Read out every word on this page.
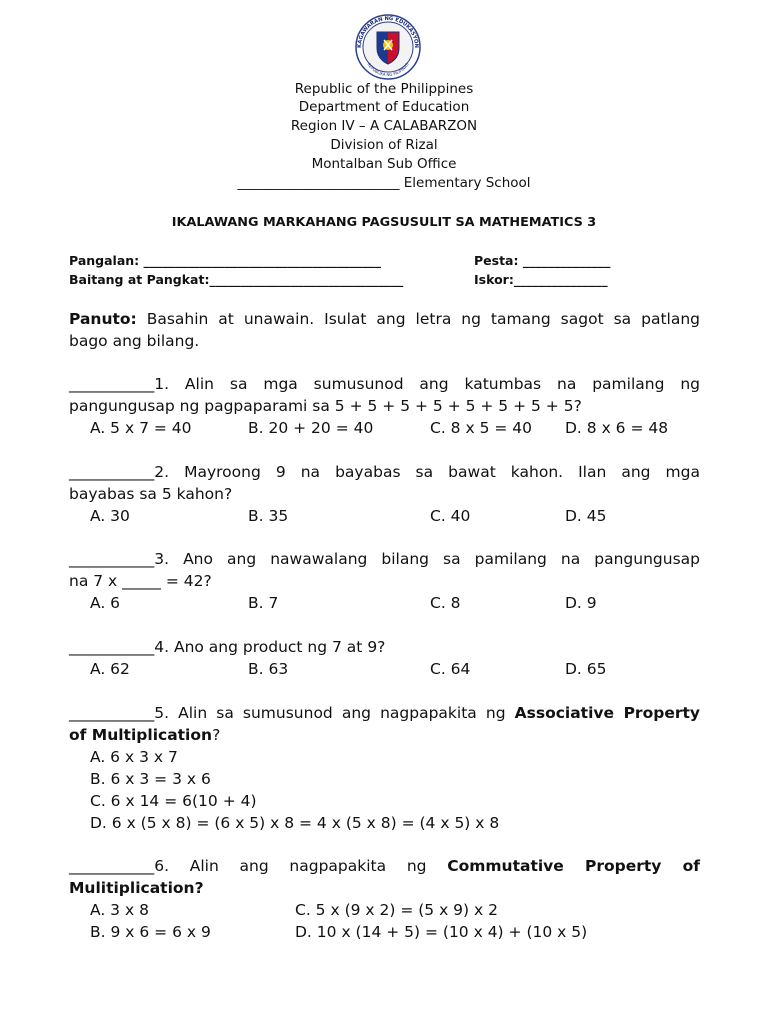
KAGAWARAN NG EDUKASYON
REPUBLIKA NG PILIPINAS
Republic of the Philippines
Department of Education
Region IV – A CALABARZON
Division of Rizal
Montalban Sub Office
________________________ Elementary School
IKALAWANG MARKAHANG PAGSUSULIT SA MATHEMATICS 3
Pangalan: ______________________________________	Pesta: ______________
Baitang at Pangkat:_______________________________	Iskor:_______________
Panuto: Basahin at unawain. Isulat ang letra ng tamang sagot sa patlang
bago ang bilang.
___________1. Alin sa mga sumusunod ang katumbas na pamilang ng
pangungusap ng pagpaparami sa 5 + 5 + 5 + 5 + 5 + 5 + 5 + 5?
A. 5 x 7 = 40	B. 20 + 20 = 40	C. 8 x 5 = 40 D. 8 x 6 = 48
___________2. Mayroong 9 na bayabas sa bawat kahon. Ilan ang mga
bayabas sa 5 kahon?
A. 30	B. 35	C. 40	D. 45
___________3. Ano ang nawawalang bilang sa pamilang na pangungusap
na 7 x _____ = 42?
A. 6	B. 7	C. 8	D. 9
___________4. Ano ang product ng 7 at 9?
A. 62	B. 63	C. 64	D. 65
___________5. Alin sa sumusunod ang nagpapakita ng Associative Property
of Multiplication?
A. 6 x 3 x 7
B. 6 x 3 = 3 x 6
C. 6 x 14 = 6(10 + 4)
D. 6 x (5 x 8) = (6 x 5) x 8 = 4 x (5 x 8) = (4 x 5) x 8
___________6. Alin ang nagpapakita ng Commutative Property of
Mulitiplication?
A. 3 x 8	C. 5 x (9 x 2) = (5 x 9) x 2
B. 9 x 6 = 6 x 9	D. 10 x (14 + 5) = (10 x 4) + (10 x 5)
